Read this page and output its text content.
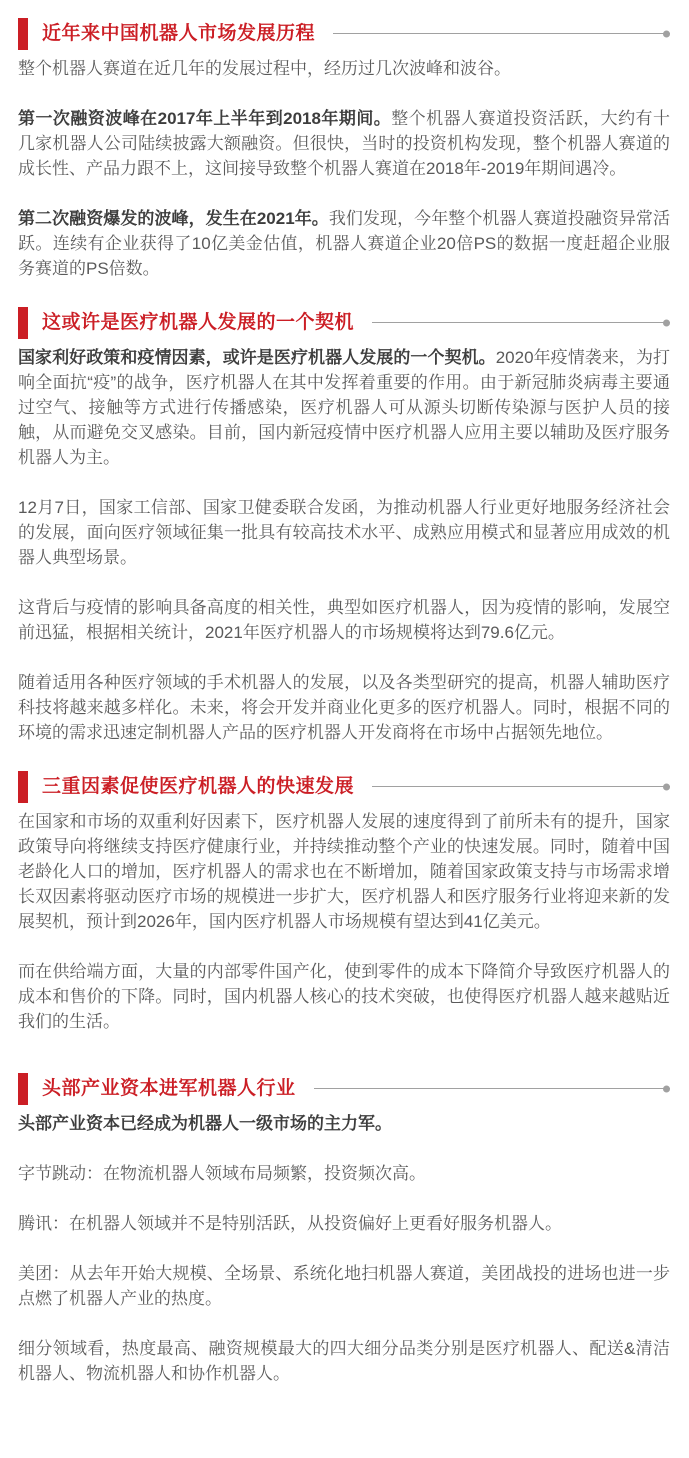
近年来中国机器人市场发展历程

整个机器人赛道在近几年的发展过程中，经历过几次波峰和波谷。

第一次融资波峰在2017年上半年到2018年期间。整个机器人赛道投资活跃，大约有十几家机器人公司陆续披露大额融资。但很快，当时的投资机构发现，整个机器人赛道的成长性、产品力跟不上，这间接导致整个机器人赛道在2018年-2019年期间遇冷。

第二次融资爆发的波峰，发生在2021年。我们发现，今年整个机器人赛道投融资异常活跃。连续有企业获得了10亿美金估值，机器人赛道企业20倍PS的数据一度赶超企业服务赛道的PS倍数。

这或许是医疗机器人发展的一个契机

国家利好政策和疫情因素，或许是医疗机器人发展的一个契机。2020年疫情袭来，为打响全面抗“疫”的战争，医疗机器人在其中发挥着重要的作用。由于新冠肺炎病毒主要通过空气、接触等方式进行传播感染，医疗机器人可从源头切断传染源与医护人员的接触，从而避免交叉感染。目前，国内新冠疫情中医疗机器人应用主要以辅助及医疗服务机器人为主。

12月7日，国家工信部、国家卫健委联合发函，为推动机器人行业更好地服务经济社会的发展，面向医疗领域征集一批具有较高技术水平、成熟应用模式和显著应用成效的机器人典型场景。

这背后与疫情的影响具备高度的相关性，典型如医疗机器人，因为疫情的影响，发展空前迅猛，根据相关统计，2021年医疗机器人的市场规模将达到79.6亿元。

随着适用各种医疗领域的手术机器人的发展，以及各类型研究的提高，机器人辅助医疗科技将越来越多样化。未来，将会开发并商业化更多的医疗机器人。同时，根据不同的环境的需求迅速定制机器人产品的医疗机器人开发商将在市场中占据领先地位。

三重因素促使医疗机器人的快速发展

在国家和市场的双重利好因素下，医疗机器人发展的速度得到了前所未有的提升，国家政策导向将继续支持医疗健康行业，并持续推动整个产业的快速发展。同时，随着中国老龄化人口的增加，医疗机器人的需求也在不断增加，随着国家政策支持与市场需求增长双因素将驱动医疗市场的规模进一步扩大，医疗机器人和医疗服务行业将迎来新的发展契机，预计到2026年，国内医疗机器人市场规模有望达到41亿美元。

而在供给端方面，大量的内部零件国产化，使到零件的成本下降简介导致医疗机器人的成本和售价的下降。同时，国内机器人核心的技术突破，也使得医疗机器人越来越贴近我们的生活。

头部产业资本进军机器人行业

头部产业资本已经成为机器人一级市场的主力军。

字节跳动：在物流机器人领域布局频繁，投资频次高。

腾讯：在机器人领域并不是特别活跃，从投资偏好上更看好服务机器人。

美团：从去年开始大规模、全场景、系统化地扫机器人赛道，美团战投的进场也进一步点燃了机器人产业的热度。

细分领域看，热度最高、融资规模最大的四大细分品类分别是医疗机器人、配送&清洁机器人、物流机器人和协作机器人。
